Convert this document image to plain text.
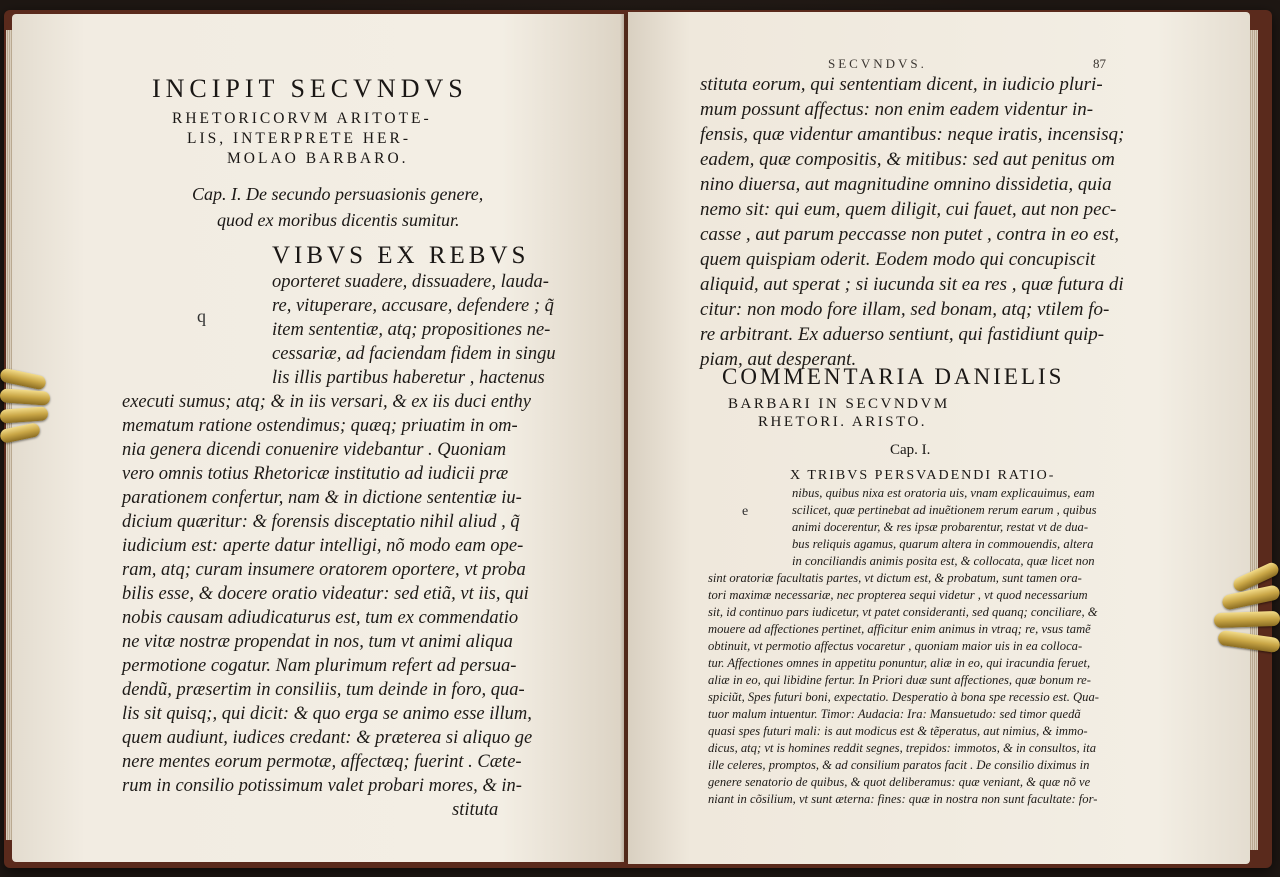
INCIPIT SECVNDVS
RHETORICORVM ARITOTE-
LIS, INTERPRETE HER-
MOLAO BARBARO.
Cap. I. De secundo persuasionis genere,
quod ex moribus dicentis sumitur.
VIBVS EX REBVS
q
oporteret suadere, dissuadere, lauda-
re, vituperare, accusare, defendere ; q̃
item sententiæ, atq; propositiones ne-
cessariæ, ad faciendam fidem in singu
lis illis partibus haberetur , hactenus
executi sumus; atq; & in iis versari, & ex iis duci enthy
mematum ratione ostendimus; quæq; priuatim in om-
nia genera dicendi conuenire videbantur . Quoniam
vero omnis totius Rhetoricæ institutio ad iudicii præ
parationem confertur, nam & in dictione sententiæ iu-
dicium quæritur: & forensis disceptatio nihil aliud , q̃
iudicium est: aperte datur intelligi, nõ modo eam ope-
ram, atq; curam insumere oratorem oportere, vt proba
bilis esse, & docere oratio videatur: sed etiã, vt iis, qui
nobis causam adiudicaturus est, tum ex commendatio
ne vitæ nostræ propendat in nos, tum vt animi aliqua
permotione cogatur. Nam plurimum refert ad persua-
dendũ, præsertim in consiliis, tum deinde in foro, qua-
lis sit quisq;, qui dicit: & quo erga se animo esse illum,
quem audiunt, iudices credant: & præterea si aliquo ge
nere mentes eorum permotæ, affectæq; fuerint . Cæte-
rum in consilio potissimum valet probari mores, & in-
stituta
SECVNDVS.	87
stituta eorum, qui sententiam dicent, in iudicio pluri-
mum possunt affectus: non enim eadem videntur in-
fensis, quæ videntur amantibus: neque iratis, incensisq;
eadem, quæ compositis, & mitibus: sed aut penitus om
nino diuersa, aut magnitudine omnino dissidetia, quia
nemo sit: qui eum, quem diligit, cui fauet, aut non pec-
casse , aut parum peccasse non putet , contra in eo est,
quem quispiam oderit. Eodem modo qui concupiscit
aliquid, aut sperat ; si iucunda sit ea res , quæ futura di
citur: non modo fore illam, sed bonam, atq; vtilem fo-
re arbitrant. Ex aduerso sentiunt, qui fastidiunt quip-
piam, aut desperant.
COMMENTARIA DANIELIS
BARBARI IN SECVNDVM
RHETORI. ARISTO.
Cap. I.
X TRIBVS PERSVADENDI RATIO-
e
nibus, quibus nixa est oratoria uis, vnam explicauimus, eam
scilicet, quæ pertinebat ad inuẽtionem rerum earum , quibus
animi docerentur, & res ipsæ probarentur, restat vt de dua-
bus reliquis agamus, quarum altera in commouendis, altera
in conciliandis animis posita est, & collocata, quæ licet non
sint oratoriæ facultatis partes, vt dictum est, & probatum, sunt tamen ora-
tori maximæ necessariæ, nec propterea sequi videtur , vt quod necessarium
sit, id continuo pars iudicetur, vt patet consideranti, sed quanq; conciliare, &
mouere ad affectiones pertinet, afficitur enim animus in vtraq; re, vsus tamẽ
obtinuit, vt permotio affectus vocaretur , quoniam maior uis in ea colloca-
tur. Affectiones omnes in appetitu ponuntur, aliæ in eo, qui iracundia feruet,
aliæ in eo, qui libidine fertur. In Priori duæ sunt affectiones, quæ bonum re-
spiciũt, Spes futuri boni, expectatio. Desperatio à bona spe recessio est. Qua-
tuor malum intuentur. Timor: Audacia: Ira: Mansuetudo: sed timor quedã
quasi spes futuri mali: is aut modicus est & tẽperatus, aut nimius, & immo-
dicus, atq; vt is homines reddit segnes, trepidos: immotos, & in consultos, ita
ille celeres, promptos, & ad consilium paratos facit . De consilio diximus in
genere senatorio de quibus, & quot deliberamus: quæ veniant, & quæ nõ ve
niant in cõsilium, vt sunt æterna: fines: quæ in nostra non sunt facultate: for-
